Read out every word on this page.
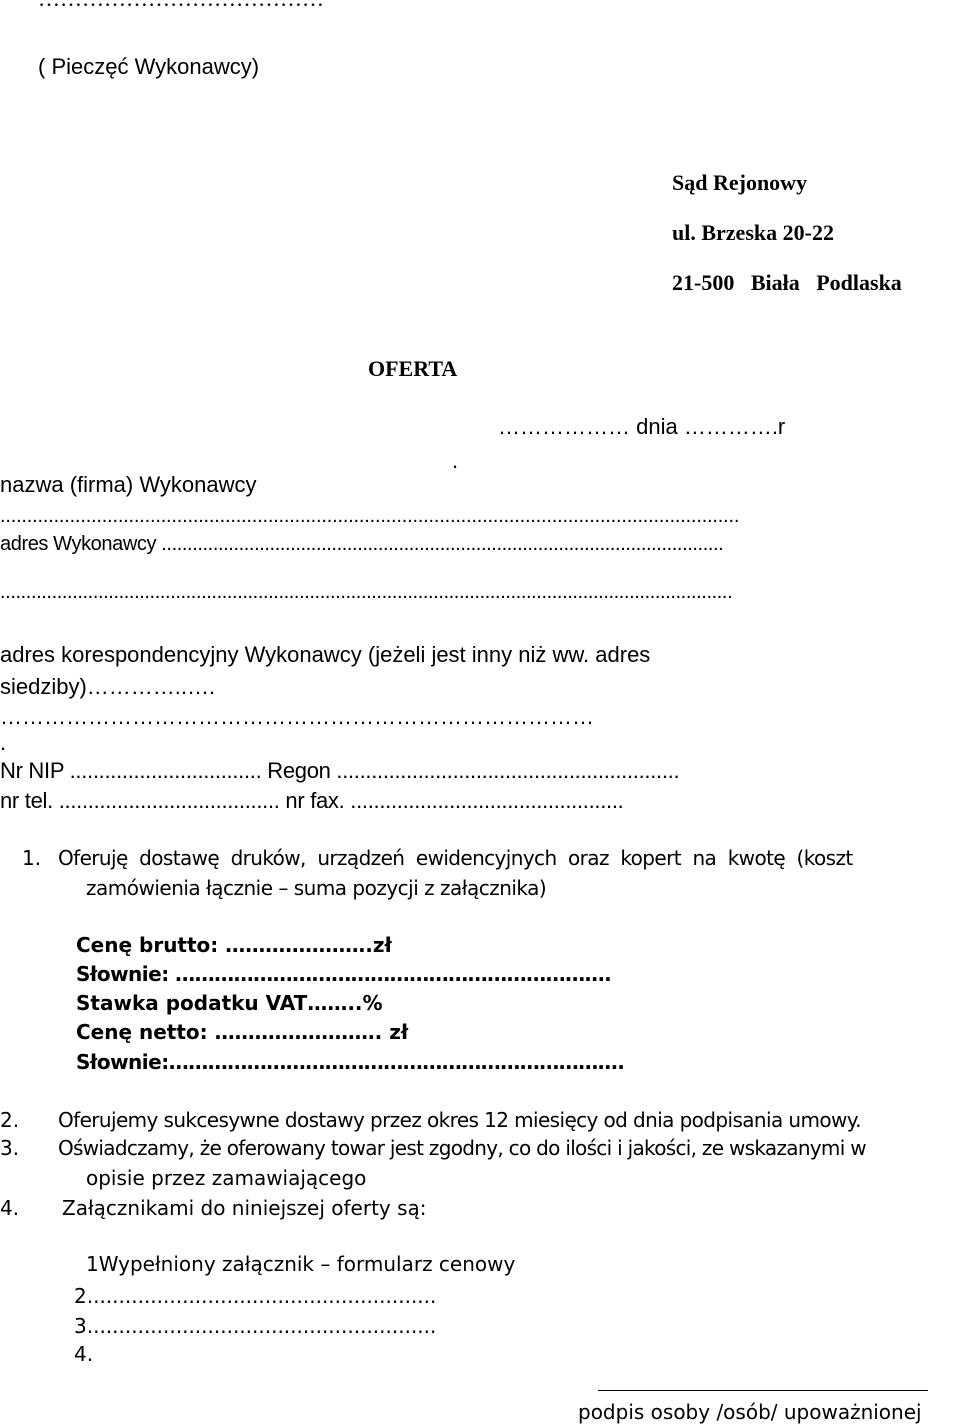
( Pieczęć Wykonawcy)
Sąd Rejonowy
ul. Brzeska 20-22
21-500   Biała   Podlaska
OFERTA
……………… dnia ………….r
.
nazwa (firma) Wykonawcy
..........................................................................................................................................
adres Wykonawcy .............................................................................................................
..............................................................................................................................................
adres korespondencyjny Wykonawcy (jeżeli jest inny niż ww. adres
siedziby)…………..….
………………………………………………………………………
.
Nr NIP ................................. Regon ...........................................................
nr tel. ...................................... nr fax. ...............................................
1. Oferuję  dostawę  druków,  urządzeń  ewidencyjnych  oraz  kopert  na  kwotę  (koszt
zamówienia łącznie – suma pozycji z załącznika)
Cenę brutto: ………………….zł
Słownie: ………………………………………………………….
Stawka podatku VAT……..%
Cenę netto: ……………………. zł
Słownie:…………………………………………………………….
2. Oferujemy sukcesywne dostawy przez okres 12 miesięcy od dnia podpisania umowy.
3. Oświadczamy, że oferowany towar jest zgodny, co do ilości i jakości, ze wskazanymi w
opisie przez zamawiającego
4. Załącznikami do niniejszej oferty są:
1Wypełniony załącznik – formularz cenowy
2.......................................................
3.......................................................
4.
podpis osoby /osób/ upoważnionej
